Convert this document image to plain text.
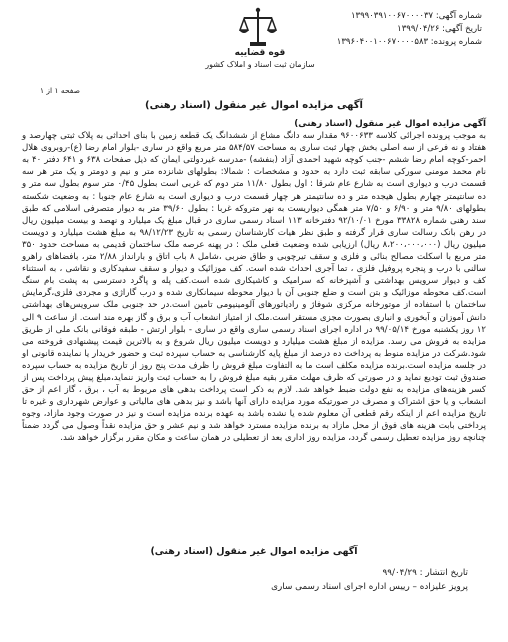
قوه قضاییه
سازمان ثبت اسناد و املاک کشور
شماره آگهی: ۱۳۹۹۰۳۹۱۰۰۶۷۰۰۰۰۳۷
تاریخ آگهی: ۱۳۹۹/۰۴/۲۶
شماره پرونده: ۱۳۹۶۰۴۰۰۱۰۰۶۷۰۰۰۰۵۸۳
صفحه ۱ از ۱
آگهی مزایده اموال غیر منقول (اسناد رهنی)
آگهی مزایده اموال غیر منقول (اسناد رهنی)
به موجب پرونده اجرائی کلاسه ۹۶۰۰۶۳۳ مقدار سه دانگ مشاع از ششدانگ یک قطعه زمین با بنای احداثی به پلاک ثبتی چهارصد و هفتاد و نه فرعی از سه اصلی بخش چهار ثبت ساری به مساحت ۵۸۴/۵۷ متر مربع واقع در ساری -بلوار امام رضا (ع)-روبروی هلال احمر-کوچه امام رضا ششم -جنب کوچه شهید احمدی آزاد (بنفشه) -مدرسه غیردولتی ایمان که ذیل صفحات ۶۳۸ و ۶۴۱ دفتر ۴۰ به نام محمد مومنی سورکی سابقه ثبت دارد به حدود و مشخصات : شمالا: بطولهای شانزده متر و نیم و دومتر و یک متر هر سه قسمت درب و دیواری است به شارع عام شرقا : اول بطول ۱۱/۸۰ متر دوم که غربی است بطول ۰/۴۵ متر سوم بطول سه متر و ده سانتیمتر چهارم بطول هیجده متر و ده سانتیمتر هر چهار قسمت درب و دیواری است به شارع عام جنوبا : به وضعیت شکسته بطولهای ۹/۸۰ متر و ۶/۹۰ و ۷/۵۰ متر همگی دیواریست به نهر متروکه غربا : بطول ۳۹/۶۰ متر به دیوار متصرفی اسلامی که طبق سند رهنی شماره ۳۳۸۲۸ مورخ ۹۲/۱۰/۰۱ دفترخانه ۱۱۳ اسناد رسمی ساری در قبال مبلغ یک میلیارد و نهصد و بیست میلیون ریال در رهن بانک رسالت ساری قرار گرفته و طبق نظر هیات کارشناسان رسمی به تاریخ ۹۸/۱۲/۲۳ به مبلغ هشت میلیارد و دویست میلیون ریال (۸،۲۰۰،۰۰۰،۰۰۰ ریال) ارزیابی شده وضعیت فعلی ملک : در پهنه عرصه ملک ساختمان قدیمی به مساحت حدود ۳۵۰ متر مربع با اسکلت مصالح بنائی و فلزی و سقف تیرچوبی و طاق ضربی ،شامل ۸ باب اتاق و بارانداز ۲/۸۸ متر، بافضاهای راهرو سالنی با درب و پنجره پروفیل فلزی ، تما آجری احداث شده است. کف موزائیک و دیوار و سقف سفیدکاری و نقاشی ، به استثناء کف و دیوار سرویس بهداشتی و آشپزخانه که سرامیک و کاشیکاری شده است.کف پله و پاگرد دسترسی به پشت بام سنگ است.کف محوطه موزائیک و بتن است و ضلع جنوبی آن با دیوار محوطه سیمانکاری شده و درب گاراژی و مجردی فلزی،گرمایش ساختمان با استفاده از موتورخانه مرکزی شوفاژ و رادیاتورهای آلومینیومی تامین است.در حد جنوبی ملک سرویس‌های بهداشتی دانش آموزان و آبخوری و انباری بصورت مجزی مستقر است.ملک از امتیاز انشعاب آب و برق و گاز بهره مند است. از ساعت ۹ الی ۱۲ روز یکشنبه مورخ ۹۹/۰۵/۱۴ در اداره اجرای اسناد رسمی ساری واقع در ساری - بلوار ارتش - طبقه فوقانی بانک ملی از طریق مزایده به فروش می رسد. مزایده از مبلغ هشت میلیارد و دویست میلیون ریال شروع و به بالاترین قیمت پیشنهادی فروخته می شود.شرکت در مزایده منوط به پرداخت ده درصد از مبلغ پایه کارشناسی به حساب سپرده ثبت و حضور خریدار یا نماینده قانونی او در جلسه مزایده است.برنده مزایده مکلف است ما به التفاوت مبلغ فروش را ظرف مدت پنج روز از تاریخ مزایده به حساب سپرده صندوق ثبت تودیع نماید و در صورتی که ظرف مهلت مقرر بقیه مبلغ فروش را به حساب ثبت واریز ننماید،مبلغ پیش پرداخت پس از کسر هزینه‌های مزایده به نفع دولت ضبط خواهد شد. لازم به ذکر است پرداخت بدهی های مربوط به آب ، برق ، گاز اعم از حق انشعاب و یا حق اشتراک و مصرف در صورتیکه مورد مزایده دارای آنها باشد و نیز بدهی های مالیاتی و عوارض شهرداری و غیره تا تاریخ مزایده اعم از اینکه رقم قطعی آن معلوم شده یا نشده باشد به عهده برنده مزایده است و نیز در صورت وجود مازاد، وجوه پرداختی بابت هزینه های فوق از محل مازاد به برنده مزایده مسترد خواهد شد و نیم عشر و حق مزایده نقداً وصول می گردد ضمناً چنانچه روز مزایده تعطیل رسمی گردد، مزایده روز اداری بعد از تعطیلی در همان ساعت و مکان مقرر برگزار خواهد شد.
آگهی مزایده اموال غیر منقول (اسناد رهنی)
تاریخ انتشار : ۹۹/۰۴/۲۹
پرویز علیزاده – رییس اداره اجرای اسناد رسمی ساری
